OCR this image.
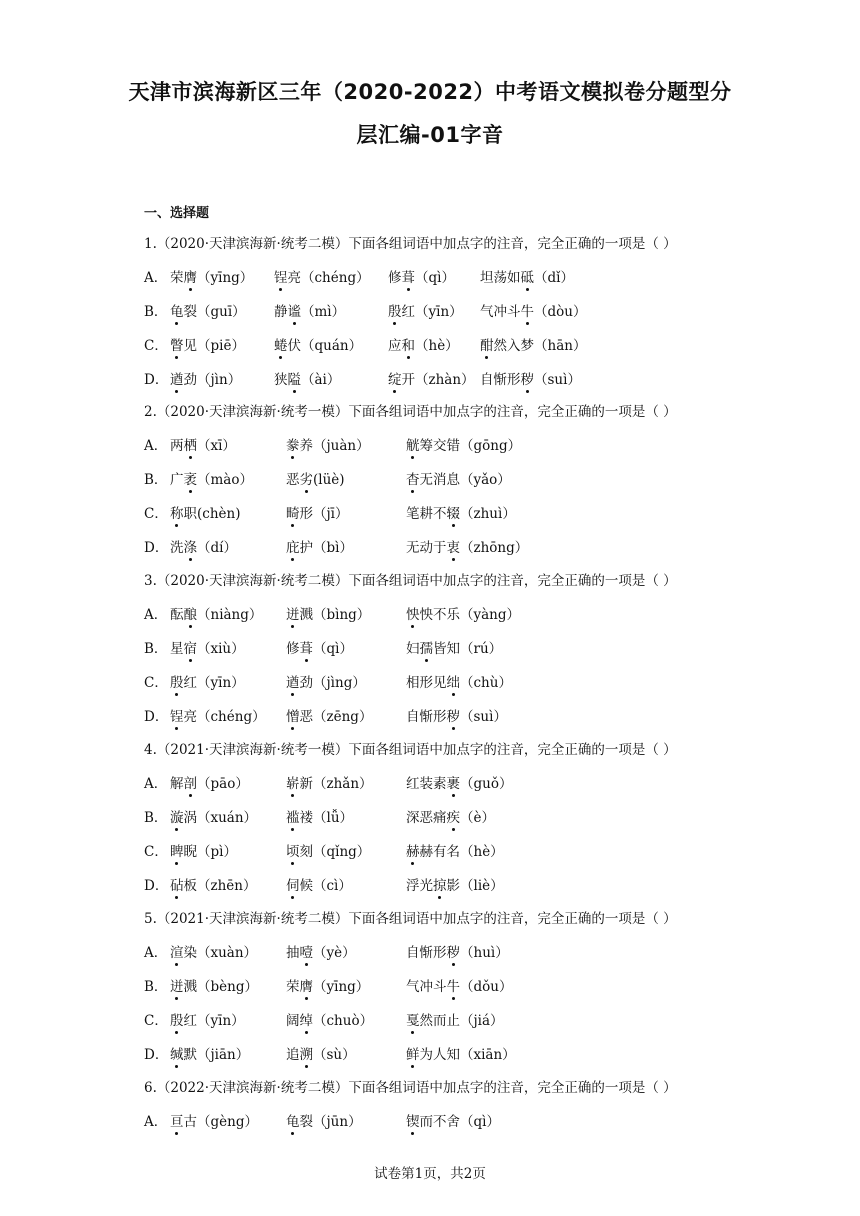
天津市滨海新区三年（2020-2022）中考语文模拟卷分题型分
层汇编-01字音
一、选择题
1.（2020·天津滨海新·统考二模）下面各组词语中加点字的注音，完全正确的一项是（ ）
A． 荣膺（yīng） 锃亮（chéng） 修葺（qì） 坦荡如砥（dǐ）
B． 龟裂（guī） 静谧（mì）	殷红（yīn） 气冲斗牛（dòu）
C． 瞥见（piē） 蜷伏（quán） 应和（hè） 酣然入梦（hān）
D． 遒劲（jìn） 狭隘（ài）	绽开（zhàn） 自惭形秽（suì）
2.（2020·天津滨海新·统考一模）下面各组词语中加点字的注音，完全正确的一项是（ ）
A． 两栖（xī）	豢养（juàn）	觥筹交错（gōng）
B． 广袤（mào） 恶劣(lüè)	杳无消息（yǎo）
C． 称职(chèn)	畸形（jī）	笔耕不辍（zhuì）
D． 洗涤（dí）	庇护（bì）	无动于衷（zhōng）
3.（2020·天津滨海新·统考二模）下面各组词语中加点字的注音，完全正确的一项是（ ）
A． 酝酿（niàng） 迸溅（bìng）	怏怏不乐（yàng）
B． 星宿（xiù）	修葺（qì）	妇孺皆知（rú）
C． 殷红（yīn）	遒劲（jìng）	相形见绌（chù）
D． 锃亮（chéng） 憎恶（zēng） 自惭形秽（suì）
4.（2021·天津滨海新·统考一模）下面各组词语中加点字的注音，完全正确的一项是（ ）
A． 解剖（pāo）	崭新（zhǎn） 红装素裹（guǒ）
B． 漩涡（xuán） 褴褛（lǚ）	深恶痛疾（è）
C． 睥睨（pì）	顷刻（qǐng）	赫赫有名（hè）
D． 砧板（zhēn） 伺候（cì）	浮光掠影（liè）
5.（2021·天津滨海新·统考二模）下面各组词语中加点字的注音，完全正确的一项是（ ）
A． 渲染（xuàn） 抽噎（yè）	自惭形秽（huì）
B． 迸溅（bèng） 荣膺（yīng）	气冲斗牛（dǒu）
C． 殷红（yīn）	阔绰（chuò） 戛然而止（jiá）
D． 缄默（jiān）	追溯（sù）	鲜为人知（xiān）
6.（2022·天津滨海新·统考二模）下面各组词语中加点字的注音，完全正确的一项是（ ）
A． 亘古（gèng） 龟裂（jūn）	锲而不舍（qì）
试卷第1页，共2页
